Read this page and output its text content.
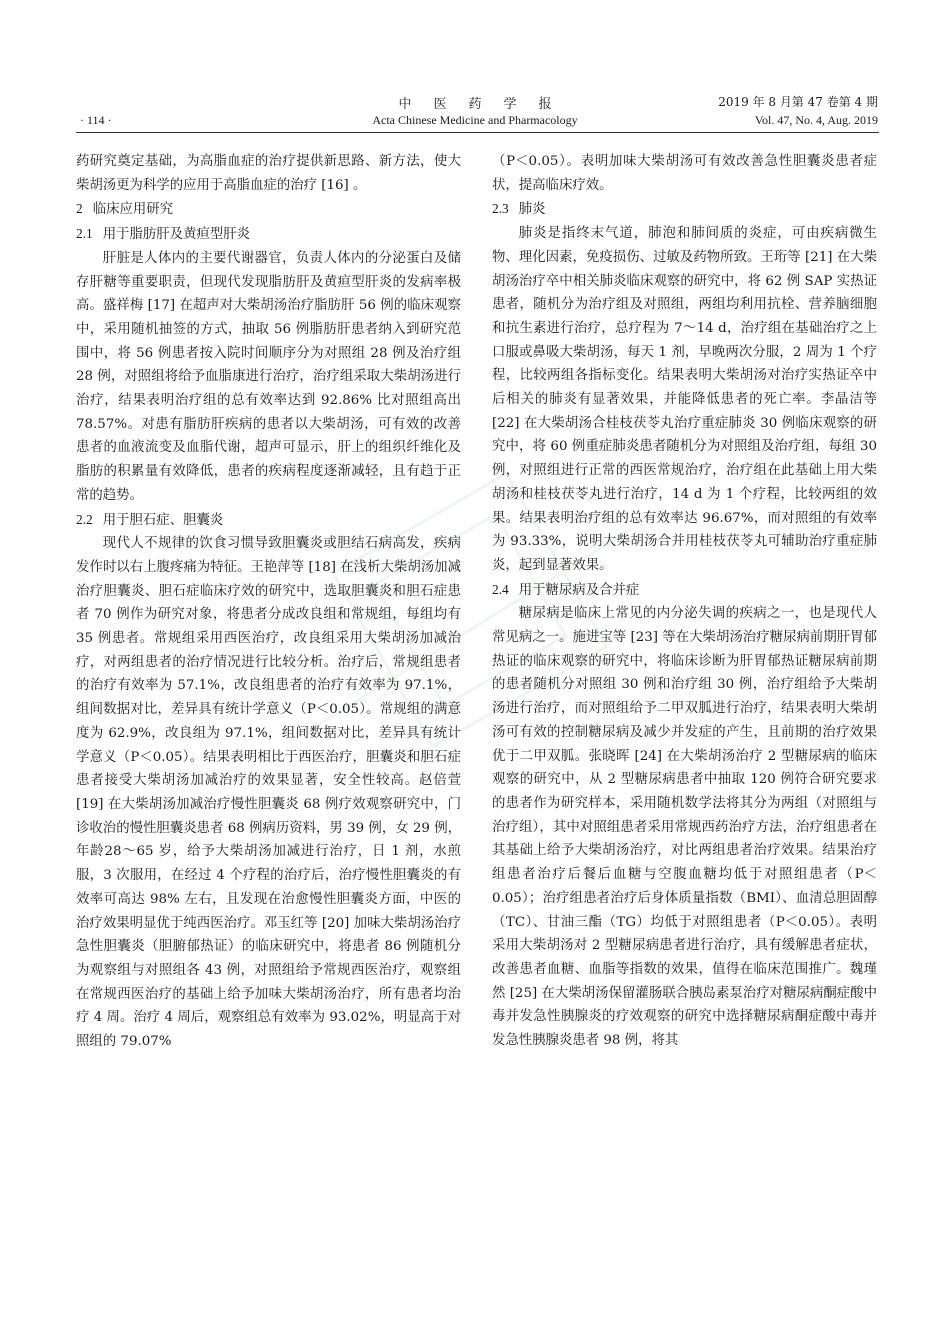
中医药学报
Acta Chinese Medicine and Pharmacology
· 114 ·
2019 年 8 月第 47 卷第 4 期
Vol. 47, No. 4, Aug. 2019

药研究奠定基础，为高脂血症的治疗提供新思路、新方法，使大柴胡汤更为科学的应用于高脂血症的治疗 [16] 。

2 临床应用研究
2.1 用于脂肪肝及黄疸型肝炎

肝脏是人体内的主要代谢器官，负责人体内的分泌蛋白及储存肝糖等重要职责，但现代发现脂肪肝及黄疸型肝炎的发病率极高。盛祥梅 [17] 在超声对大柴胡汤治疗脂肪肝 56 例的临床观察中，采用随机抽签的方式，抽取 56 例脂肪肝患者纳入到研究范围中，将 56 例患者按入院时间顺序分为对照组 28 例及治疗组 28 例，对照组将给予血脂康进行治疗，治疗组采取大柴胡汤进行治疗，结果表明治疗组的总有效率达到 92.86% 比对照组高出 78.57%。对患有脂肪肝疾病的患者以大柴胡汤，可有效的改善患者的血液流变及血脂代谢，超声可显示，肝上的组织纤维化及脂肪的积累量有效降低，患者的疾病程度逐渐减轻，且有趋于正常的趋势。

2.2 用于胆石症、胆囊炎

现代人不规律的饮食习惯导致胆囊炎或胆结石病高发，疾病发作时以右上腹疼痛为特征。王艳萍等 [18] 在浅析大柴胡汤加减治疗胆囊炎、胆石症临床疗效的研究中，选取胆囊炎和胆石症患者 70 例作为研究对象，将患者分成改良组和常规组，每组均有 35 例患者。常规组采用西医治疗，改良组采用大柴胡汤加减治疗，对两组患者的治疗情况进行比较分析。治疗后，常规组患者的治疗有效率为 57.1%，改良组患者的治疗有效率为 97.1%，组间数据对比，差异具有统计学意义（P＜0.05）。常规组的满意度为 62.9%，改良组为 97.1%，组间数据对比，差异具有统计学意义（P＜0.05）。结果表明相比于西医治疗，胆囊炎和胆石症患者接受大柴胡汤加减治疗的效果显著，安全性较高。赵倍萱 [19] 在大柴胡汤加减治疗慢性胆囊炎 68 例疗效观察研究中，门诊收治的慢性胆囊炎患者 68 例病历资料，男 39 例，女 29 例，年龄28～65 岁，给予大柴胡汤加减进行治疗，日 1 剂，水煎服，3 次服用，在经过 4 个疗程的治疗后，治疗慢性胆囊炎的有效率可高达 98% 左右，且发现在治愈慢性胆囊炎方面，中医的治疗效果明显优于纯西医治疗。邓玉红等 [20] 加味大柴胡汤治疗急性胆囊炎（胆腑郁热证）的临床研究中，将患者 86 例随机分为观察组与对照组各 43 例，对照组给予常规西医治疗，观察组在常规西医治疗的基础上给予加味大柴胡汤治疗，所有患者均治疗 4 周。治疗 4 周后，观察组总有效率为 93.02%，明显高于对照组的 79.07%

（P＜0.05）。表明加味大柴胡汤可有效改善急性胆囊炎患者症状，提高临床疗效。

2.3 肺炎

肺炎是指终末气道，肺泡和肺间质的炎症，可由疾病微生物、理化因素，免疫损伤、过敏及药物所致。王珩等 [21] 在大柴胡汤治疗卒中相关肺炎临床观察的研究中，将 62 例 SAP 实热证患者，随机分为治疗组及对照组，两组均利用抗栓、营养脑细胞和抗生素进行治疗，总疗程为 7～14 d，治疗组在基础治疗之上口服或鼻吸大柴胡汤，每天 1 剂，早晚两次分服，2 周为 1 个疗程，比较两组各指标变化。结果表明大柴胡汤对治疗实热证卒中后相关的肺炎有显著效果，并能降低患者的死亡率。李晶洁等 [22] 在大柴胡汤合桂枝茯苓丸治疗重症肺炎 30 例临床观察的研究中，将 60 例重症肺炎患者随机分为对照组及治疗组，每组 30 例，对照组进行正常的西医常规治疗，治疗组在此基础上用大柴胡汤和桂枝茯苓丸进行治疗，14 d 为 1 个疗程，比较两组的效果。结果表明治疗组的总有效率达 96.67%，而对照组的有效率为 93.33%，说明大柴胡汤合并用桂枝茯苓丸可辅助治疗重症肺炎，起到显著效果。

2.4 用于糖尿病及合并症

糖尿病是临床上常见的内分泌失调的疾病之一，也是现代人常见病之一。施进宝等 [23] 等在大柴胡汤治疗糖尿病前期肝胃郁热证的临床观察的研究中，将临床诊断为肝胃郁热证糖尿病前期的患者随机分对照组 30 例和治疗组 30 例，治疗组给予大柴胡汤进行治疗，而对照组给予二甲双胍进行治疗，结果表明大柴胡汤可有效的控制糖尿病及减少并发症的产生，且前期的治疗效果优于二甲双胍。张晓晖 [24] 在大柴胡汤治疗 2 型糖尿病的临床观察的研究中，从 2 型糖尿病患者中抽取 120 例符合研究要求的患者作为研究样本，采用随机数学法将其分为两组（对照组与治疗组），其中对照组患者采用常规西药治疗方法，治疗组患者在其基础上给予大柴胡汤治疗，对比两组患者治疗效果。结果治疗组患者治疗后餐后血糖与空腹血糖均低于对照组患者（P＜0.05）；治疗组患者治疗后身体质量指数（BMI）、血清总胆固醇（TC）、甘油三酯（TG）均低于对照组患者（P＜0.05）。表明采用大柴胡汤对 2 型糖尿病患者进行治疗，具有缓解患者症状，改善患者血糖、血脂等指数的效果，值得在临床范围推广。魏瑾然 [25] 在大柴胡汤保留灌肠联合胰岛素泵治疗对糖尿病酮症酸中毒并发急性胰腺炎的疗效观察的研究中选择糖尿病酮症酸中毒并发急性胰腺炎患者 98 例，将其
